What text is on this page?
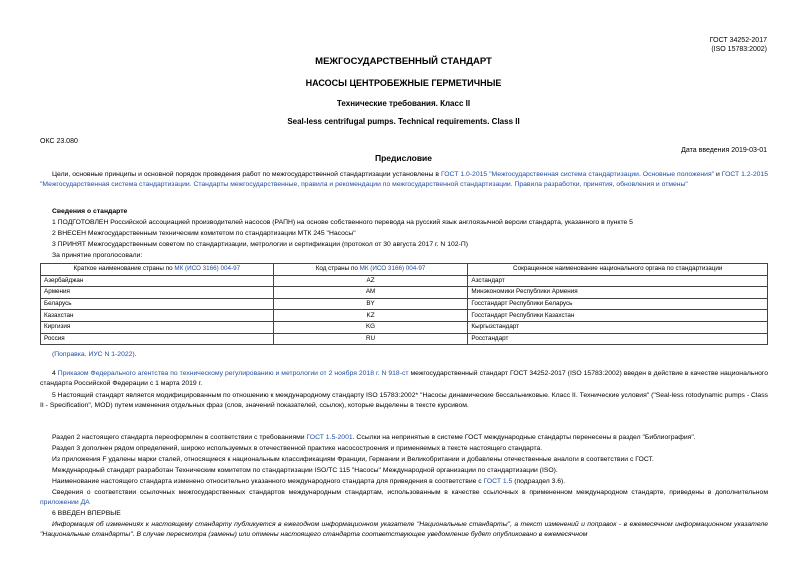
ГОСТ 34252-2017
(ISO 15783:2002)
МЕЖГОСУДАРСТВЕННЫЙ СТАНДАРТ
НАСОСЫ ЦЕНТРОБЕЖНЫЕ ГЕРМЕТИЧНЫЕ
Технические требования. Класс II
Seal-less centrifugal pumps. Technical requirements. Class II
ОКС 23.080
Дата введения 2019-03-01
Предисловие
Цели, основные принципы и основной порядок проведения работ по межгосударственной стандартизации установлены в ГОСТ 1.0-2015 "Межгосударственная система стандартизации. Основные положения" и ГОСТ 1.2-2015 "Межгосударственная система стандартизации. Стандарты межгосударственные, правила и рекомендации по межгосударственной стандартизации. Правила разработки, принятия, обновления и отмены"
Сведения о стандарте
1 ПОДГОТОВЛЕН Российской ассоциацией производителей насосов (РАПН) на основе собственного перевода на русский язык англоязычной версии стандарта, указанного в пункте 5
2 ВНЕСЕН Межгосударственным техническим комитетом по стандартизации МТК 245 "Насосы"
3 ПРИНЯТ Межгосударственным советом по стандартизации, метрологии и сертификации (протокол от 30 августа 2017 г. N 102-П)
За принятие проголосовали:
Краткое наименование страны по МК (ИСО 3166) 004-97	Код страны по МК (ИСО 3166) 004-97	Сокращенное наименование национального органа по стандартизации
Азербайджан	AZ	Азстандарт
Армения	AM	Минэкономики Республики Армения
Беларусь	BY	Госстандарт Республики Беларусь
Казахстан	KZ	Госстандарт Республики Казахстан
Киргизия	KG	Кыргызстандарт
Россия	RU	Росстандарт
(Поправка. ИУС N 1-2022).
4 Приказом Федерального агентства по техническому регулированию и метрологии от 2 ноября 2018 г. N 918-ст межгосударственный стандарт ГОСТ 34252-2017 (ISO 15783:2002) введен в действие в качестве национального стандарта Российской Федерации с 1 марта 2019 г.
5 Настоящий стандарт является модифицированным по отношению к международному стандарту ISO 15783:2002* "Насосы динамические бессальниковые. Класс II. Технические условия" ("Seal-less rotodynamic pumps - Class II - Specification", MOD) путем изменения отдельных фраз (слов, значений показателей, ссылок), которые выделены в тексте курсивом.
Раздел 2 настоящего стандарта переоформлен в соответствии с требованиями ГОСТ 1.5-2001. Ссылки на непринятые в системе ГОСТ международные стандарты перенесены в раздел "Библиография".
Раздел 3 дополнен рядом определений, широко используемых в отечественной практике насосостроения и применяемых в тексте настоящего стандарта.
Из приложения F удалены марки сталей, относящиеся к национальным классификациям Франции, Германии и Великобритании и добавлены отечественные аналоги в соответствии с ГОСТ.
Международный стандарт разработан Техническим комитетом по стандартизации ISO/TC 115 "Насосы" Международной организации по стандартизации (ISO).
Наименование настоящего стандарта изменено относительно указанного международного стандарта для приведения в соответствие с ГОСТ 1.5 (подраздел 3.6).
Сведения о соответствии ссылочных межгосударственных стандартов международным стандартам, использованным в качестве ссылочных в примененном международном стандарте, приведены в дополнительном приложении ДА
6 ВВЕДЕН ВПЕРВЫЕ
Информация об изменениях к настоящему стандарту публикуется в ежегодном информационном указателе "Национальные стандарты", а текст изменений и поправок - в ежемесячном информационном указателе "Национальные стандарты". В случае пересмотра (замены) или отмены настоящего стандарта соответствующее уведомление будет опубликовано в ежемесячном
